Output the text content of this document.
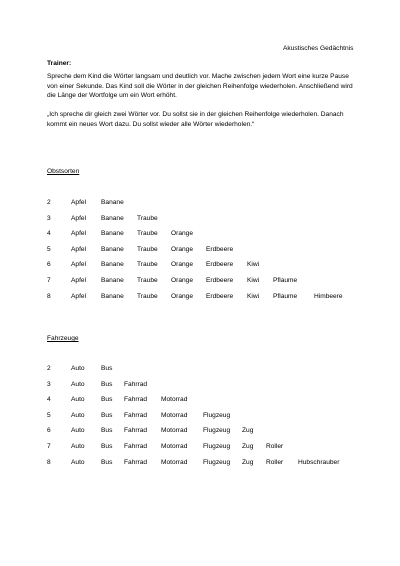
Akustisches Gedächtnis
Trainer:
Spreche dem Kind die Wörter langsam und deutlich vor. Mache zwischen jedem Wort eine kurze Pause von einer Sekunde. Das Kind soll die Wörter in der gleichen Reihenfolge wiederholen. Anschließend wird die Länge der Wortfolge um ein Wort erhöht.
„Ich spreche dir gleich zwei Wörter vor. Du sollst sie in der gleichen Reihenfolge wiederholen. Danach kommt ein neues Wort dazu. Du sollst wieder alle Wörter wiederholen.“
Obstsorten
2	Apfel Banane
3	Apfel Banane Traube
4	Apfel Banane Traube Orange
5	Apfel Banane Traube Orange Erdbeere
6	Apfel Banane Traube Orange Erdbeere Kiwi
7	Apfel Banane Traube Orange Erdbeere Kiwi Pflaume
8	Apfel Banane Traube Orange Erdbeere Kiwi Pflaume	Himbeere
Fahrzeuge
2	Auto Bus
3	Auto Bus Fahrrad
4	Auto Bus Fahrrad Motorrad
5	Auto Bus Fahrrad Motorrad Flugzeug
6	Auto Bus Fahrrad Motorrad Flugzeug Zug
7	Auto Bus Fahrrad Motorrad Flugzeug Zug Roller
8	Auto Bus Fahrrad Motorrad Flugzeug Zug Roller Hubschrauber
